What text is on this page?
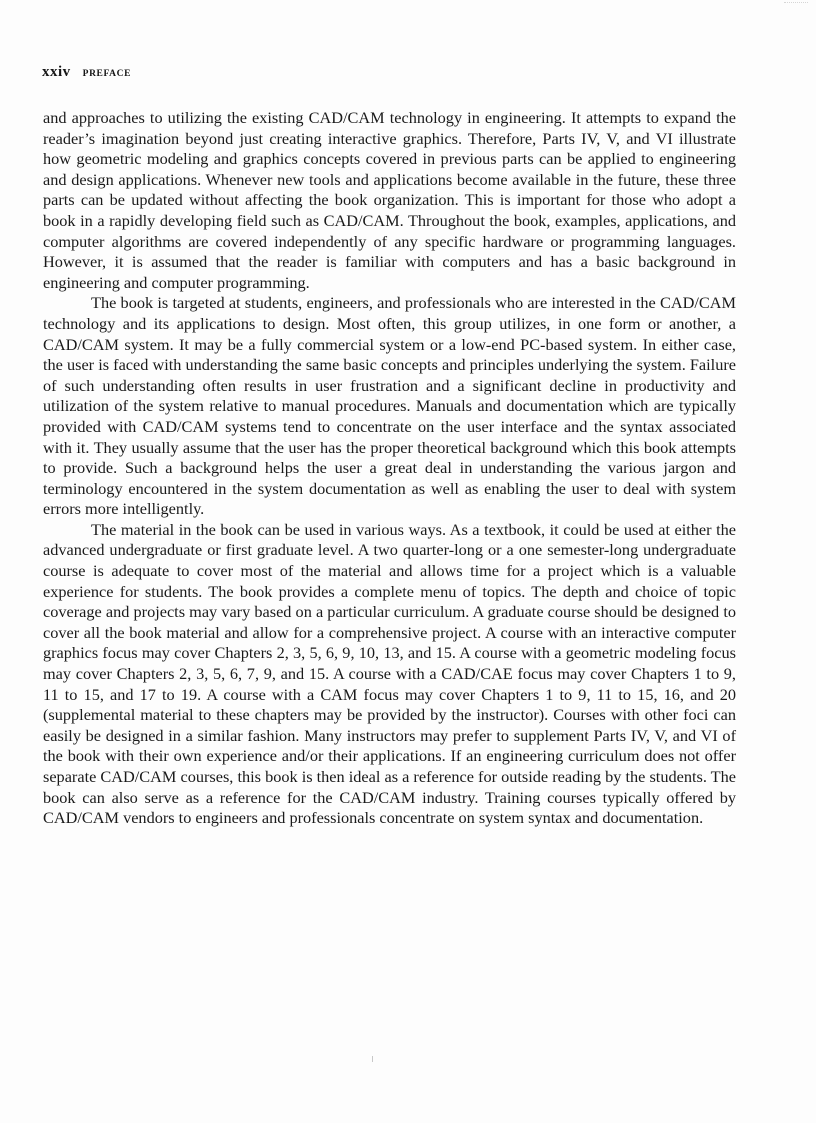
xxiv PREFACE

and approaches to utilizing the existing CAD/CAM technology in engineering. It attempts to expand the reader’s imagination beyond just creating interactive graphics. Therefore, Parts IV, V, and VI illustrate how geometric modeling and graphics concepts covered in previous parts can be applied to engineering and design applications. Whenever new tools and applications become available in the future, these three parts can be updated without affecting the book organization. This is important for those who adopt a book in a rapidly developing field such as CAD/CAM. Throughout the book, examples, applications, and computer algorithms are covered independently of any specific hardware or programming languages. However, it is assumed that the reader is familiar with computers and has a basic background in engineering and computer programming.

The book is targeted at students, engineers, and professionals who are interested in the CAD/CAM technology and its applications to design. Most often, this group utilizes, in one form or another, a CAD/CAM system. It may be a fully commercial system or a low-end PC-based system. In either case, the user is faced with understanding the same basic concepts and principles underlying the system. Failure of such understanding often results in user frustration and a significant decline in productivity and utilization of the system relative to manual procedures. Manuals and documentation which are typically provided with CAD/CAM systems tend to concentrate on the user interface and the syntax associated with it. They usually assume that the user has the proper theoretical background which this book attempts to provide. Such a background helps the user a great deal in understanding the various jargon and terminology encountered in the system documentation as well as enabling the user to deal with system errors more intelligently.

The material in the book can be used in various ways. As a textbook, it could be used at either the advanced undergraduate or first graduate level. A two quarter-long or a one semester-long undergraduate course is adequate to cover most of the material and allows time for a project which is a valuable experience for students. The book provides a complete menu of topics. The depth and choice of topic coverage and projects may vary based on a particular curriculum. A graduate course should be designed to cover all the book material and allow for a comprehensive project. A course with an interactive computer graphics focus may cover Chapters 2, 3, 5, 6, 9, 10, 13, and 15. A course with a geometric modeling focus may cover Chapters 2, 3, 5, 6, 7, 9, and 15. A course with a CAD/CAE focus may cover Chapters 1 to 9, 11 to 15, and 17 to 19. A course with a CAM focus may cover Chapters 1 to 9, 11 to 15, 16, and 20 (supplemental material to these chapters may be provided by the instructor). Courses with other foci can easily be designed in a similar fashion. Many instructors may prefer to supplement Parts IV, V, and VI of the book with their own experience and/or their applications. If an engineering curriculum does not offer separate CAD/CAM courses, this book is then ideal as a reference for outside reading by the students. The book can also serve as a reference for the CAD/CAM industry. Training courses typically offered by CAD/CAM vendors to engineers and professionals concentrate on system syntax and documentation.
